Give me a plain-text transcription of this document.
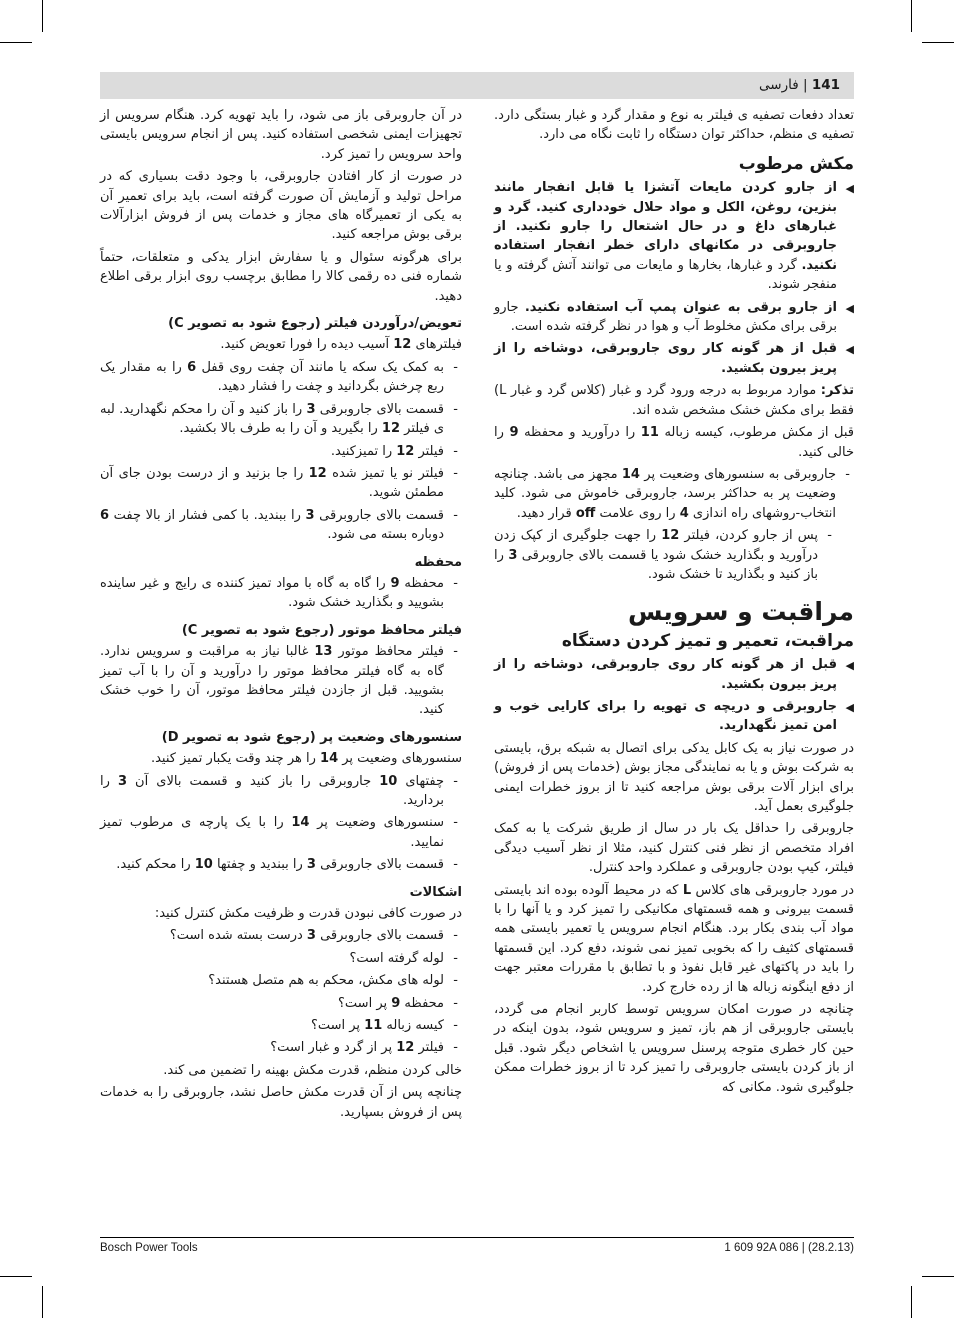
141 | فارسی

تعداد دفعات تصفیه ی فیلتر به نوع و مقدار گرد و غبار بستگی دارد. تصفیه ی منظم، حداکثر توان دستگاه را ثابت نگاه می دارد.

مکش مرطوب
◀
از جارو کردن مایعات آتشزا یا قابل انفجار مانند بنزین، روغن، الکل و مواد حلال خودداری کنید. گرد و غبارهای داغ و در حال اشتعال را جارو نکنید. از جاروبرقی در مکانهای دارای خطر انفجار استفاده نکنید. گرد و غبارها، بخارها و مایعات می توانند آتش گرفته و یا منفجر شوند.
◀
از جارو برقی به عنوان پمپ آب استفاده نکنید. جارو برقی برای مکش مخلوط آب و هوا در نظر گرفته شده است.
◀
قبل از هر گونه کار روی جاروبرقی، دوشاخه را از پریز بیرون بکشید.

تذکر: موارد مربوط به درجه ورود گرد و غبار (کلاس گرد و غبار L) فقط برای مکش خشک مشخص شده اند.

قبل از مکش مرطوب، کیسه زباله 11 را درآورید و محفظه 9 را خالی کنید.

-
جاروبرقی به سنسورهای وضعیت پر 14 مجهز می باشد. چنانچه وضعیت پر به حداکثر برسد، جاروبرقی خاموش می شود. کلید انتخاب-روشهای راه اندازی 4 را روی علامت off قرار دهید.
-
پس از جارو کردن، فیلتر 12 را جهت جلوگیری از کپک زدن درآورید و بگذارید خشک شود یا قسمت بالای جاروبرقی 3 را باز کنید و بگذارید تا خشک شود.
مراقبت و سرویس
مراقبت، تعمیر و تمیز کردن دستگاه
◀
قبل از هر گونه کار روی جاروبرقی، دوشاخه را از پریز بیرون بکشید.
◀
جاروبرقی و دریچه ی تهویه را برای کارایی خوب و امن تمیز نگهدارید.

در صورت نیاز به یک کابل یدکی برای اتصال به شبکه برق، بایستی به شرکت بوش و یا به نمایندگی مجاز بوش (خدمات پس از فروش) برای ابزار آلات برقی بوش مراجعه کنید تا از بروز خطرات ایمنی جلوگیری بعمل آید.

جاروبرقی را حداقل یک بار در سال از طریق شرکت یا به کمک افراد متخصص از نظر فنی کنترل کنید، مثلا از نظر آسیب دیدگی فیلتر، کیپ بودن جاروبرقی و عملکرد واحد کنترل.

در مورد جاروبرقی های کلاس L که در محیط آلوده بوده اند بایستی قسمت بیرونی و همه قسمتهای مکانیکی را تمیز کرد و یا آنها را با مواد آب بندی بکار برد. هنگام انجام سرویس یا تعمیر بایستی همه قسمتهای کثیف را که بخوبی تمیز نمی شوند، دفع کرد. این قسمتها را باید در پاکتهای غیر قابل نفوذ و با تطابق با مقررات معتبر جهت از دفع اینگونه زباله ها از رده خارج کرد.

چنانچه در صورت امکان سرویس توسط کاربر انجام می گردد، بایستی جاروبرقی از هم باز، تمیز و سرویس شود، بدون اینکه در حین کار خطری متوجه پرسنل سرویس یا اشخاص دیگر شود. قبل از باز کردن بایستی جاروبرقی را تمیز کرد تا از بروز خطرات ممکن جلوگیری شود. مکانی که

در آن جاروبرقی باز می شود، را باید تهویه کرد. هنگام سرویس از تجهیزات ایمنی شخصی استفاده کنید. پس از انجام سرویس بایستی واحد سرویس را تمیز کرد.

در صورت از کار افتادن جاروبرقی، با وجود دقت بسیاری که در مراحل تولید و آزمایش آن صورت گرفته است، باید برای تعمیر آن به یکی از تعمیرگاه های مجاز و خدمات پس از فروش ابزارآلات برقی بوش مراجعه کنید.

برای هرگونه سئوال و یا سفارش ابزار یدکی و متعلقات، حتماً شماره فنی ده رقمی کالا را مطابق برچسب روی ابزار برقی اطلاع دهید.

تعویض/درآوردن فیلتر (رجوع شود به تصویر C)

فیلترهای 12 آسیب دیده را فورا تعویض کنید.

-
به کمک یک سکه یا مانند آن چفت روی قفل 6 را به مقدار یک ربع چرخش بگردانید و چفت را فشار دهید.
-
قسمت بالای جاروبرقی 3 را باز کنید و آن را محکم نگهدارید. لبه ی فیلتر 12 را بگیرید و آن را به طرف بالا بکشید.
-
فیلتر 12 را تمیزکنید.
-
فیلتر نو یا تمیز شده 12 را جا بزنید و از درست بودن جای آن مطمئن شوید.
-
قسمت بالای جاروبرقی 3 را ببندید. با کمی فشار از بالا چفت 6 دوباره بسته می شود.
محفظه
-
محفظه 9 را گاه به گاه با مواد تمیز کننده ی رایج و غیر ساینده بشویید و بگذارید خشک شود.
فیلتر محافظ موتور (رجوع شود به تصویر C)
-
فیلتر محافظ موتور 13 غالبا نیاز به مراقبت و سرویس ندارد. گاه به گاه فیلتر محافظ موتور را درآورید و آن را با آب تمیز بشویید. قبل از جازدن فیلتر محافظ موتور، آن را خوب خشک کنید.
سنسورهای وضعیت پر (رجوع شود به تصویر D)

سنسورهای وضعیت پر 14 را هر چند وقت یکبار تمیز کنید.

-
چفتهای 10 جاروبرقی را باز کنید و قسمت بالای آن 3 را بردارید.
-
سنسورهای وضعیت پر 14 را با یک پارچه ی مرطوب تمیز نمایید.
-
قسمت بالای جاروبرقی 3 را ببندید و چفتها 10 را محکم کنید.
اشکالات

در صورت کافی نبودن قدرت و ظرفیت مکش کنترل کنید:

-
قسمت بالای جاروبرقی 3 درست بسته شده است؟
-
لوله گرفته است؟
-
لوله های مکش، محکم به هم متصل هستند؟
-
محفظه 9 پر است؟
-
کیسه زباله 11 پر است؟
-
فیلتر 12 پر از گرد و غبار است؟

خالی کردن منظم، قدرت مکش بهینه را تضمین می کند.

چنانچه پس از آن قدرت مکش حاصل نشد، جاروبرقی را به خدمات پس از فروش بسپارید.

Bosch Power Tools	1 609 92A 086 | (28.2.13)
